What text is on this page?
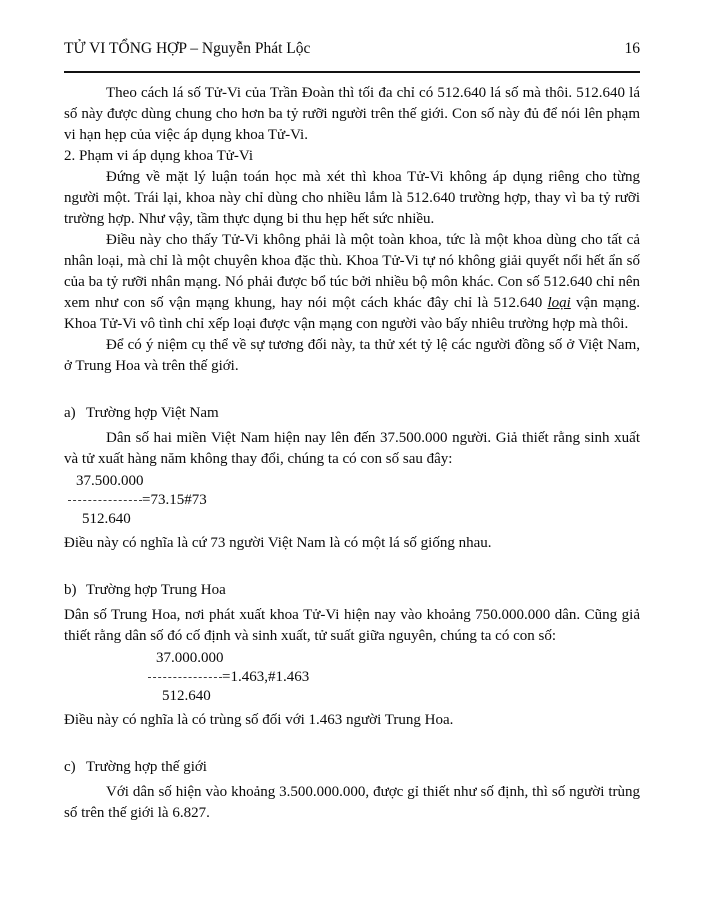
TỬ VI TỔNG HỢP – Nguyễn Phát Lộc	16

Theo cách lá số Tử-Vi của Trần Đoàn thì tối đa chỉ có 512.640 lá số mà thôi. 512.640 lá số này được dùng chung cho hơn ba tỷ rưỡi người trên thế giới. Con số này đủ để nói lên phạm vi hạn hẹp của việc áp dụng khoa Tử-Vi.

2. Phạm vi áp dụng khoa Tử-Vi

Đứng về mặt lý luận toán học mà xét thì khoa Tử-Vi không áp dụng riêng cho từng người một. Trái lại, khoa này chỉ dùng cho nhiều lắm là 512.640 trường hợp, thay vì ba tỷ rưỡi trường hợp. Như vậy, tầm thực dụng bi thu hẹp hết sức nhiều.

Điều này cho thấy Tử-Vi không phải là một toàn khoa, tức là một khoa dùng cho tất cả nhân loại, mà chỉ là một chuyên khoa đặc thù. Khoa Tử-Vi tự nó không giải quyết nổi hết ẩn số của ba tỷ rưỡi nhân mạng. Nó phải được bổ túc bởi nhiều bộ môn khác. Con số 512.640 chỉ nên xem như con số vận mạng khung, hay nói một cách khác đây chỉ là 512.640 loại vận mạng. Khoa Tử-Vi vô tình chỉ xếp loại được vận mạng con người vào bấy nhiêu trường hợp mà thôi.

Để có ý niệm cụ thể về sự tương đối này, ta thử xét tỷ lệ các người đồng số ở Việt Nam, ở Trung Hoa và trên thế giới.

a) Trường hợp Việt Nam

Dân số hai miền Việt Nam hiện nay lên đến 37.500.000 người. Giả thiết rằng sinh xuất và tử xuất hàng năm không thay đổi, chúng ta có con số sau đây:

37.500.000
=73.15#73
512.640

Điều này có nghĩa là cứ 73 người Việt Nam là có một lá số giống nhau.

b) Trường hợp Trung Hoa

Dân số Trung Hoa, nơi phát xuất khoa Tử-Vi hiện nay vào khoảng 750.000.000 dân. Cũng giả thiết rằng dân số đó cố định và sinh xuất, tử suất giữa nguyên, chúng ta có con số:

37.000.000
=1.463,#1.463
512.640

Điều này có nghĩa là có trùng số đối với 1.463 người Trung Hoa.

c) Trường hợp thế giới

Với dân số hiện vào khoảng 3.500.000.000, được gỉ thiết như số định, thì số người trùng số trên thế giới là 6.827.
